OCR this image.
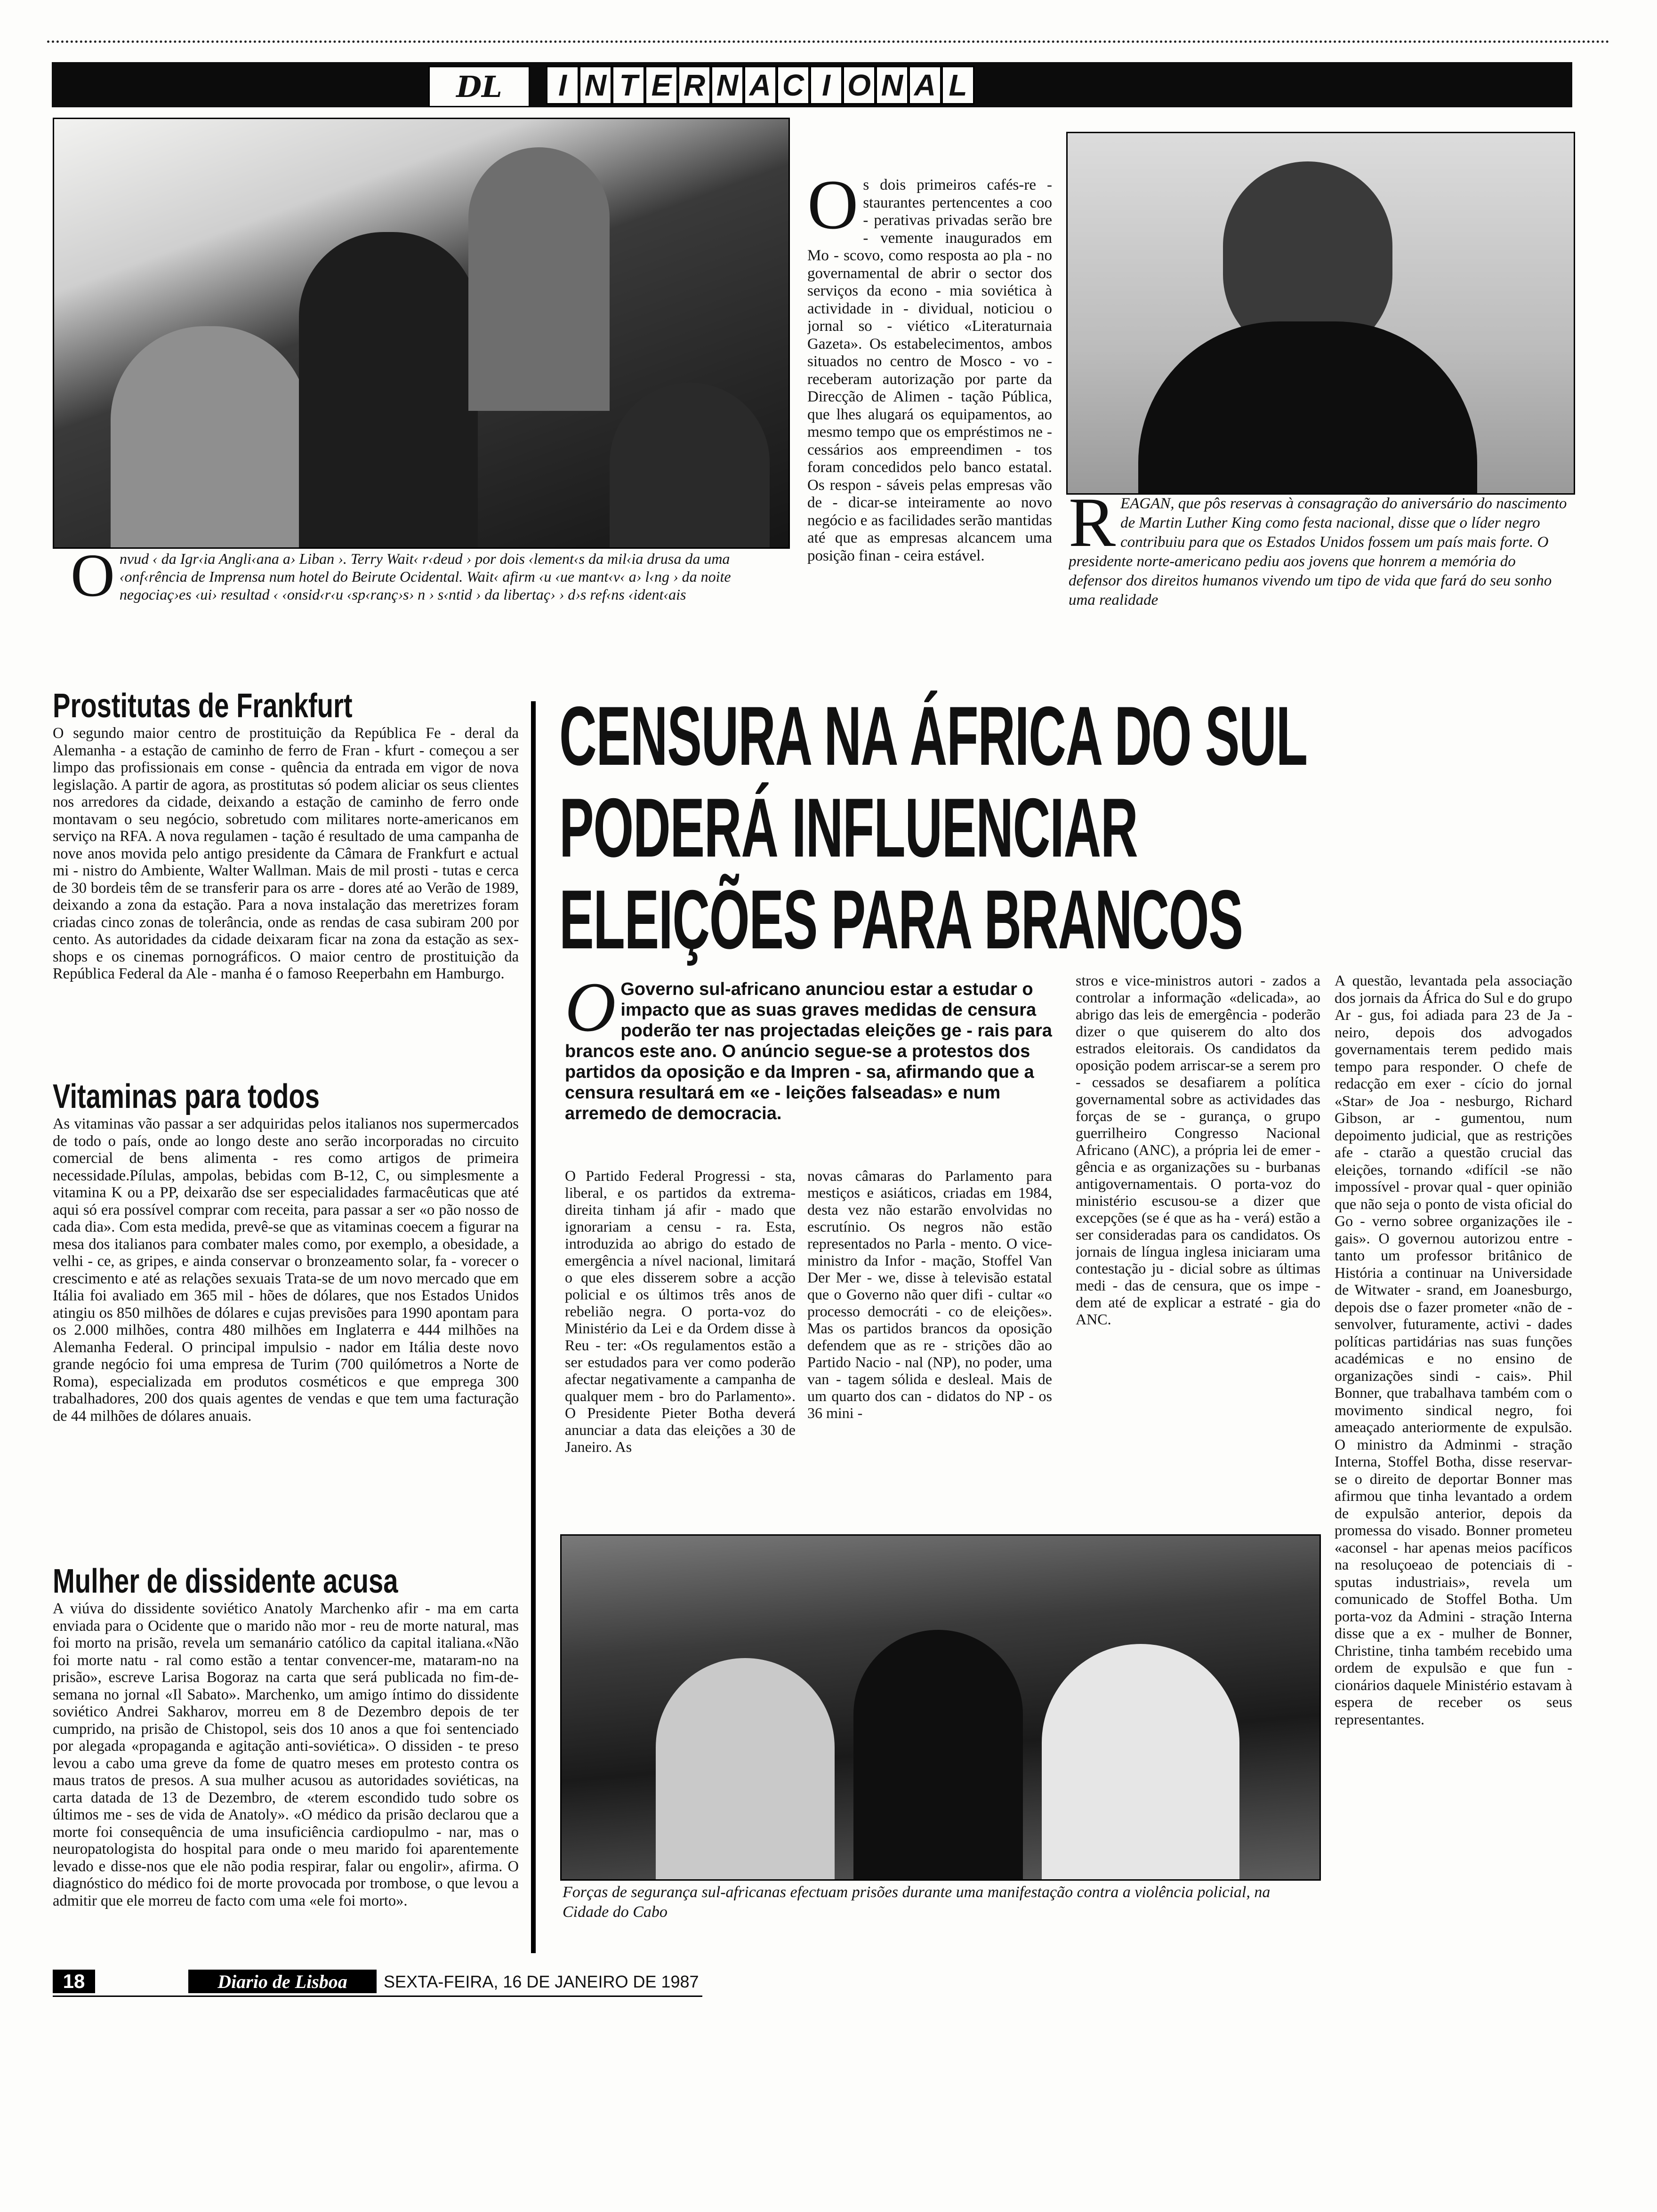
DL	I N T E R N A C I O N A L
O nvud ‹ da Igr‹ia Angli‹ana a› Liban ›. Terry Wait‹ r‹deud › por dois ‹lement‹s da mil‹ia drusa da uma ‹onf‹rência de Imprensa num hotel do Beirute Ocidental. Wait‹ afirm ‹u ‹ue mant‹v‹ a› l‹ng › da noite negociaç›es ‹ui› resultad ‹ ‹onsid‹r‹u ‹sp‹ranç›s› n › s‹ntid › da libertaç› › d›s ref‹ns ‹ident‹ais
O s dois primeiros cafés-re - staurantes pertencentes a coo - perativas privadas serão bre - vemente inaugurados em Mo - scovo, como resposta ao pla - no governamental de abrir o sector dos serviços da econo - mia soviética à actividade in - dividual, noticiou o jornal so - viético «Literaturnaia Gazeta». Os estabelecimentos, ambos situados no centro de Mosco - vo - receberam autorização por parte da Direcção de Alimen - tação Pública, que lhes alugará os equipamentos, ao mesmo tempo que os empréstimos ne - cessários aos empreendimen - tos foram concedidos pelo banco estatal. Os respon - sáveis pelas empresas vão de - dicar-se inteiramente ao novo negócio e as facilidades serão mantidas até que as empresas alcancem uma posição finan - ceira estável.	R EAGAN, que pôs reservas à consagração do aniversário do nascimento de Martin Luther King como festa nacional, disse que o líder negro contribuiu para que os Estados Unidos fossem um país mais forte. O presidente norte-americano pediu aos jovens que honrem a memória do defensor dos direitos humanos vivendo um tipo de vida que fará do seu sonho uma realidade
Prostitutas de Frankfurt

O segundo maior centro de prostituição da República Fe - deral da Alemanha - a estação de caminho de ferro de Fran - kfurt - começou a ser limpo das profissionais em conse - quência da entrada em vigor de nova legislação. A partir de agora, as prostitutas só podem aliciar os seus clientes nos arredores da cidade, deixando a estação de caminho de ferro onde montavam o seu negócio, sobretudo com militares norte-americanos em serviço na RFA. A nova regulamen - tação é resultado de uma campanha de nove anos movida pelo antigo presidente da Câmara de Frankfurt e actual mi - nistro do Ambiente, Walter Wallman. Mais de mil prosti - tutas e cerca de 30 bordeis têm de se transferir para os arre - dores até ao Verão de 1989, deixando a zona da estação. Para a nova instalação das meretrizes foram criadas cinco zonas de tolerância, onde as rendas de casa subiram 200 por cento. As autoridades da cidade deixaram ficar na zona da estação as sex-shops e os cinemas pornográficos. O maior centro de prostituição da República Federal da Ale - manha é o famoso Reeperbahn em Hamburgo.

Vitaminas para todos

As vitaminas vão passar a ser adquiridas pelos italianos nos supermercados de todo o país, onde ao longo deste ano serão incorporadas no circuito comercial de bens alimenta - res como artigos de primeira necessidade.Pílulas, ampolas, bebidas com B-12, C, ou simplesmente a vitamina K ou a PP, deixarão dse ser especialidades farmacêuticas que até aqui só era possível comprar com receita, para passar a ser «o pão nosso de cada dia». Com esta medida, prevê-se que as vitaminas coecem a figurar na mesa dos italianos para combater males como, por exemplo, a obesidade, a velhi - ce, as gripes, e ainda conservar o bronzeamento solar, fa - vorecer o crescimento e até as relações sexuais Trata-se de um novo mercado que em Itália foi avaliado em 365 mil - hões de dólares, que nos Estados Unidos atingiu os 850 milhões de dólares e cujas previsões para 1990 apontam para os 2.000 milhões, contra 480 milhões em Inglaterra e 444 milhões na Alemanha Federal. O principal impulsio - nador em Itália deste novo grande negócio foi uma empresa de Turim (700 quilómetros a Norte de Roma), especializada em produtos cosméticos e que emprega 300 trabalhadores, 200 dos quais agentes de vendas e que tem uma facturação de 44 milhões de dólares anuais.

Mulher de dissidente acusa

A viúva do dissidente soviético Anatoly Marchenko afir - ma em carta enviada para o Ocidente que o marido não mor - reu de morte natural, mas foi morto na prisão, revela um semanário católico da capital italiana.«Não foi morte natu - ral como estão a tentar convencer-me, mataram-no na prisão», escreve Larisa Bogoraz na carta que será publicada no fim-de-semana no jornal «Il Sabato». Marchenko, um amigo íntimo do dissidente soviético Andrei Sakharov, morreu em 8 de Dezembro depois de ter cumprido, na prisão de Chistopol, seis dos 10 anos a que foi sentenciado por alegada «propaganda e agitação anti-soviética». O dissiden - te preso levou a cabo uma greve da fome de quatro meses em protesto contra os maus tratos de presos. A sua mulher acusou as autoridades soviéticas, na carta datada de 13 de Dezembro, de «terem escondido tudo sobre os últimos me - ses de vida de Anatoly». «O médico da prisão declarou que a morte foi consequência de uma insuficiência cardiopulmo - nar, mas o neuropatologista do hospital para onde o meu marido foi aparentemente levado e disse-nos que ele não podia respirar, falar ou engolir», afirma. O diagnóstico do médico foi de morte provocada por trombose, o que levou a admitir que ele morreu de facto com uma «ele foi morto».

CENSURA NA ÁFRICA DO SUL
PODERÁ INFLUENCIAR
ELEIÇÕES PARA BRANCOS
O Governo sul-africano anunciou estar a estudar o impacto que as suas graves medidas de censura poderão ter nas projectadas eleições ge - rais para brancos este ano. O anúncio segue-se a protestos dos partidos da oposição e da Impren - sa, afirmando que a censura resultará em «e - leições falseadas» e num arremedo de democracia.

O Partido Federal Progressi - sta, liberal, e os partidos da extrema-direita tinham já afir - mado que ignorariam a censu - ra. Esta, introduzida ao abrigo do estado de emergência a nível nacional, limitará o que eles disserem sobre a acção policial e os últimos três anos de rebelião negra. O porta-voz do Ministério da Lei e da Ordem disse à Reu - ter: «Os regulamentos estão a ser estudados para ver como poderão afectar negativamente a campanha de qualquer mem - bro do Parlamento». O Presidente Pieter Botha deverá anunciar a data das eleições a 30 de Janeiro. As

novas câmaras do Parlamento para mestiços e asiáticos, criadas em 1984, desta vez não estarão envolvidas no escrutínio. Os negros não estão representados no Parla - mento. O vice-ministro da Infor - mação, Stoffel Van Der Mer - we, disse à televisão estatal que o Governo não quer difi - cultar «o processo democráti - co de eleições». Mas os partidos brancos da oposição defendem que as re - strições dão ao Partido Nacio - nal (NP), no poder, uma van - tagem sólida e desleal. Mais de um quarto dos can - didatos do NP - os 36 mini -

stros e vice-ministros autori - zados a controlar a informação «delicada», ao abrigo das leis de emergência - poderão dizer o que quiserem do alto dos estrados eleitorais. Os candidatos da oposição podem arriscar-se a serem pro - cessados se desafiarem a política governamental sobre as actividades das forças de se - gurança, o grupo guerrilheiro Congresso Nacional Africano (ANC), a própria lei de emer - gência e as organizações su - burbanas antigovernamentais. O porta-voz do ministério escusou-se a dizer que excepções (se é que as ha - verá) estão a ser consideradas para os candidatos. Os jornais de língua inglesa iniciaram uma contestação ju - dicial sobre as últimas medi - das de censura, que os impe - dem até de explicar a estraté - gia do ANC.

A questão, levantada pela associação dos jornais da África do Sul e do grupo Ar - gus, foi adiada para 23 de Ja - neiro, depois dos advogados governamentais terem pedido mais tempo para responder. O chefe de redacção em exer - cício do jornal «Star» de Joa - nesburgo, Richard Gibson, ar - gumentou, num depoimento judicial, que as restrições afe - ctarão a questão crucial das eleições, tornando «difícil -se não impossível - provar qual - quer opinião que não seja o ponto de vista oficial do Go - verno sobree organizações ile - gais». O governou autorizou entre - tanto um professor britânico de História a continuar na Universidade de Witwater - srand, em Joanesburgo, depois dse o fazer prometer «não de - senvolver, futuramente, activi - dades políticas partidárias nas suas funções académicas e no ensino de organizações sindi - cais». Phil Bonner, que trabalhava também com o movimento sindical negro, foi ameaçado anteriormente de expulsão. O ministro da Adminmi - stração Interna, Stoffel Botha, disse reservar-se o direito de deportar Bonner mas afirmou que tinha levantado a ordem de expulsão anterior, depois da promessa do visado. Bonner prometeu «aconsel - har apenas meios pacíficos na resoluçoeao de potenciais di - sputas industriais», revela um comunicado de Stoffel Botha. Um porta-voz da Admini - stração Interna disse que a ex - mulher de Bonner, Christine, tinha também recebido uma ordem de expulsão e que fun - cionários daquele Ministério estavam à espera de receber os seus representantes.

Forças de segurança sul-africanas efectuam prisões durante uma manifestação contra a violência policial, na Cidade do Cabo
18	Diario de Lisboa SEXTA-FEIRA, 16 DE JANEIRO DE 1987
